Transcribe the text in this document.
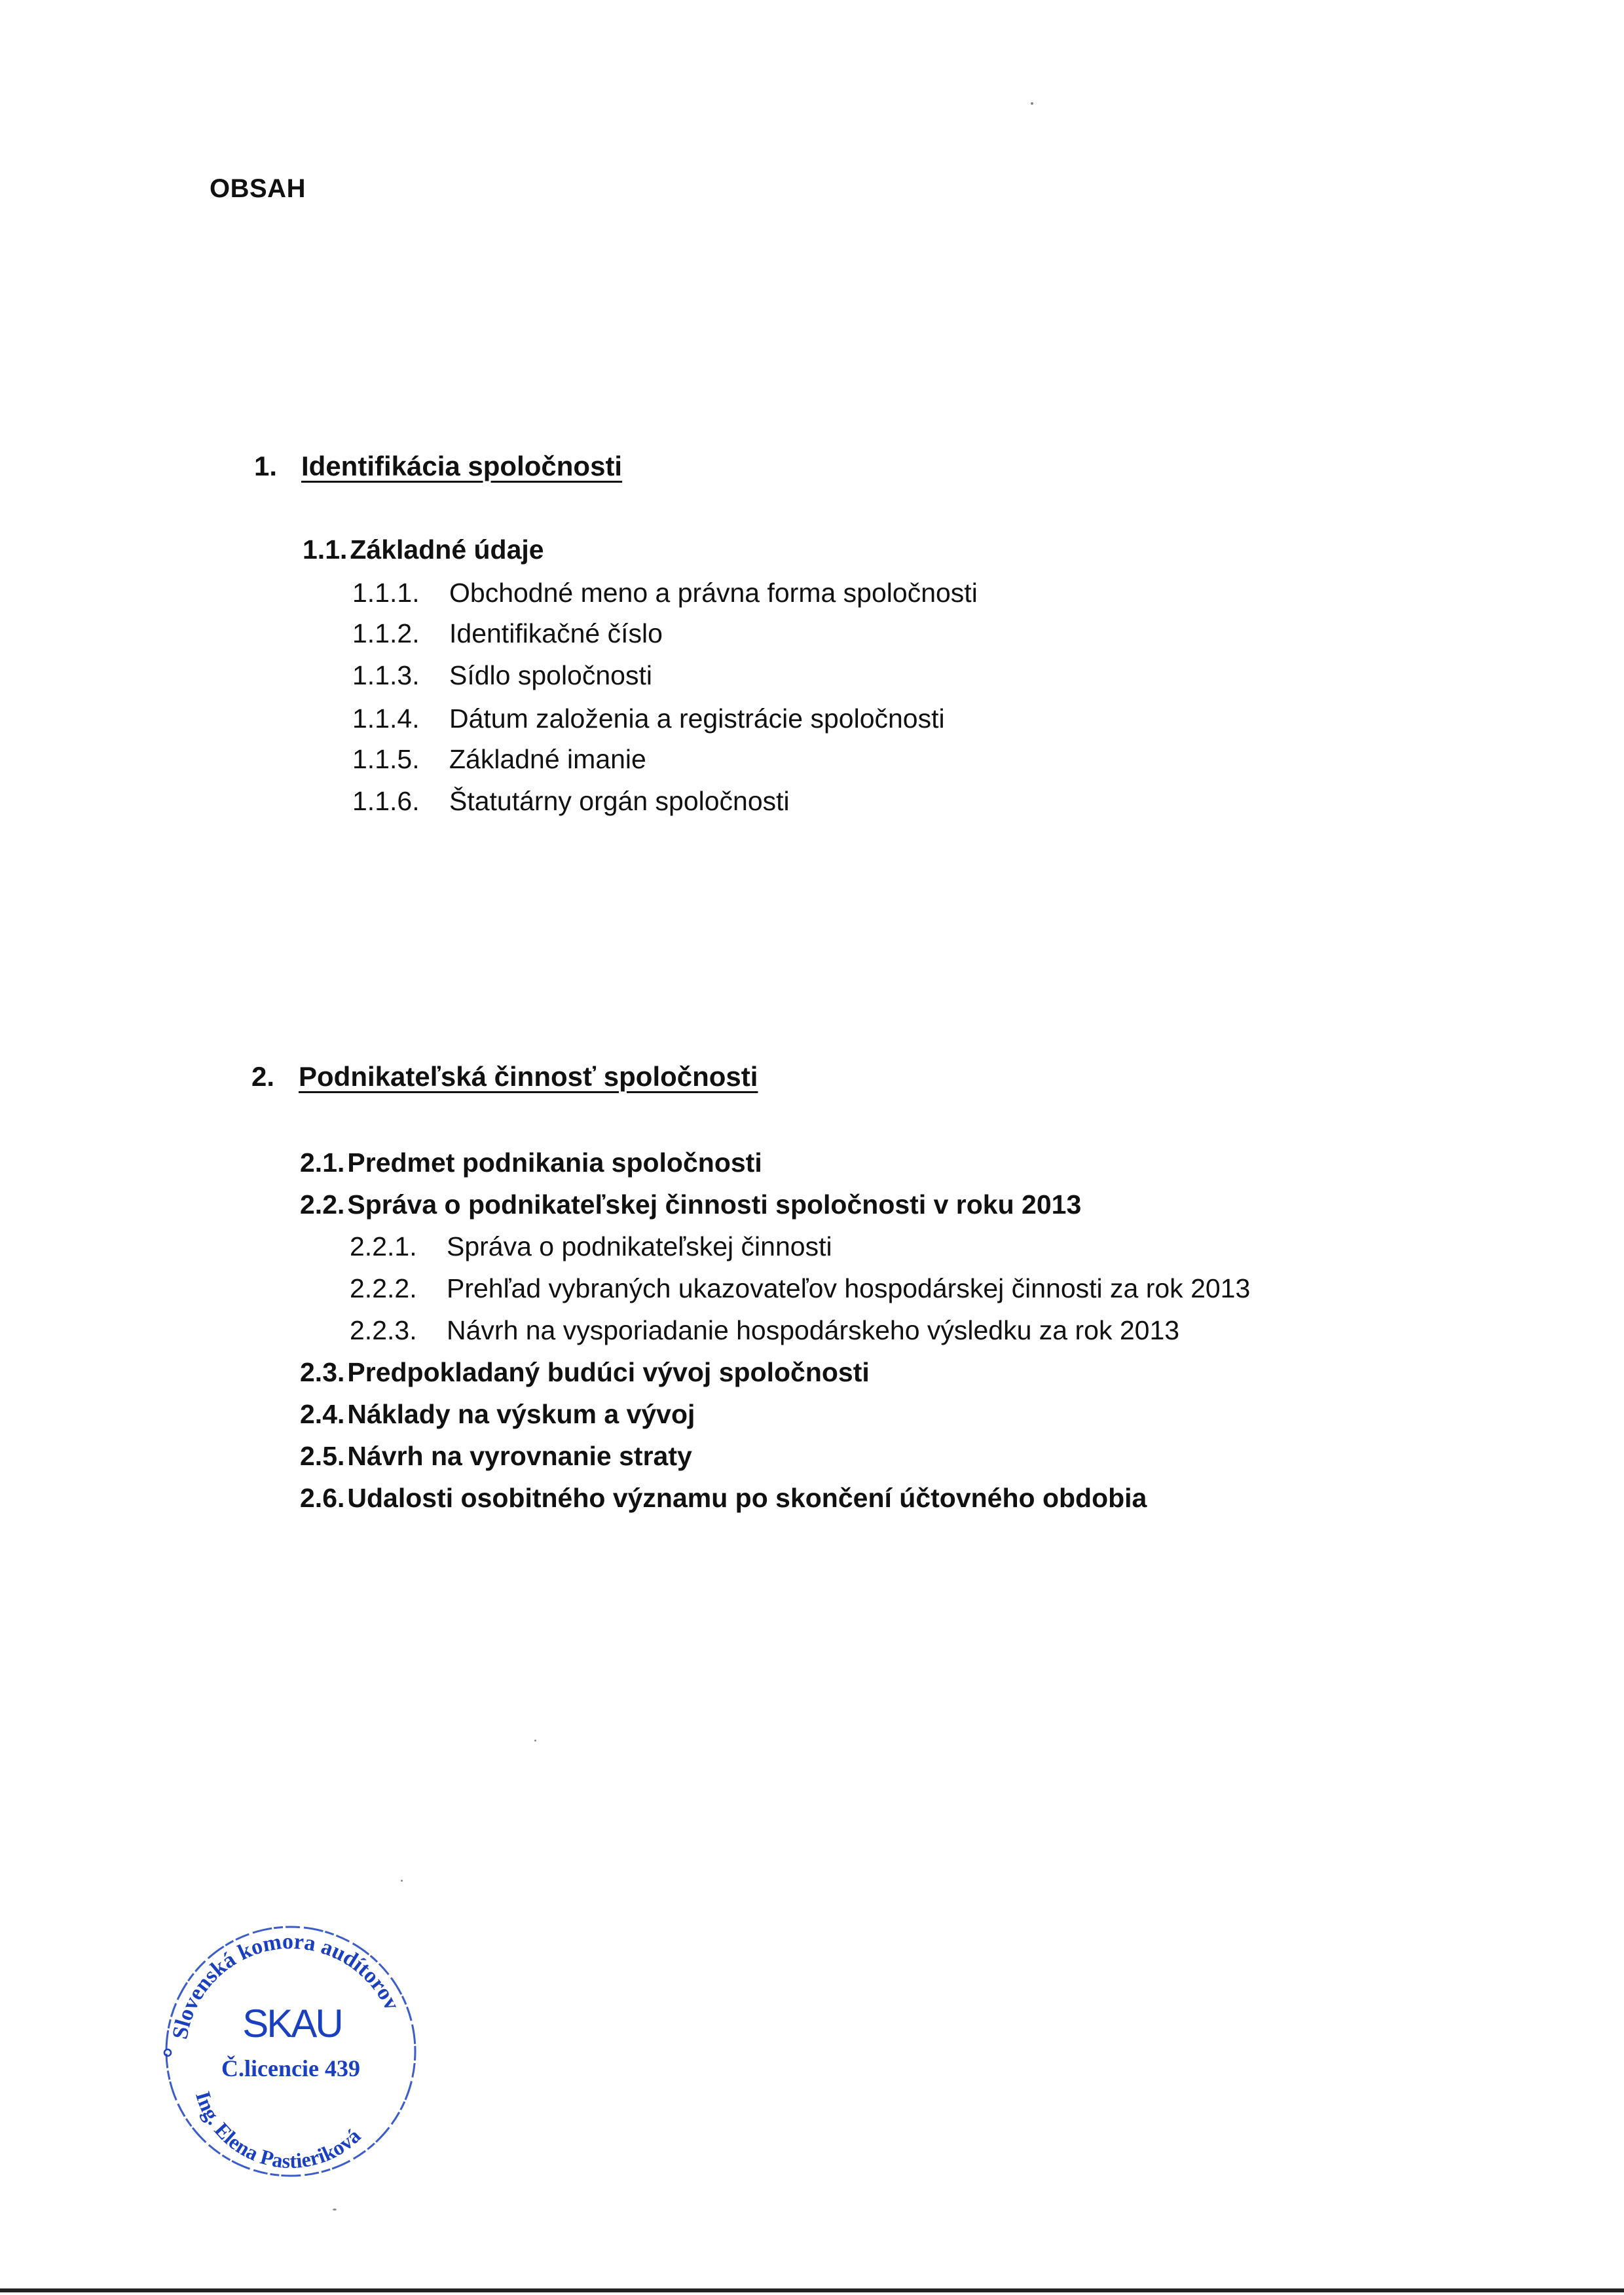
OBSAH
1. Identifikácia spoločnosti
1.1.Základné údaje
1.1.1. Obchodné meno a právna forma spoločnosti
1.1.2. Identifikačné číslo
1.1.3. Sídlo spoločnosti
1.1.4. Dátum založenia a registrácie spoločnosti
1.1.5. Základné imanie
1.1.6. Štatutárny orgán spoločnosti
2. Podnikateľská činnosť spoločnosti
2.1.Predmet podnikania spoločnosti
2.2.Správa o podnikateľskej činnosti spoločnosti v roku 2013
2.2.1. Správa o podnikateľskej činnosti
2.2.2. Prehľad vybraných ukazovateľov hospodárskej činnosti za rok 2013
2.2.3. Návrh na vysporiadanie hospodárskeho výsledku za rok 2013
2.3.Predpokladaný budúci vývoj spoločnosti
2.4.Náklady na výskum a vývoj
2.5.Návrh na vyrovnanie straty
2.6.Udalosti osobitného významu po skončení účtovného obdobia
Slovenská komora audítorov
Ing. Elena Pastieriková
SKAU
Č.licencie 439
